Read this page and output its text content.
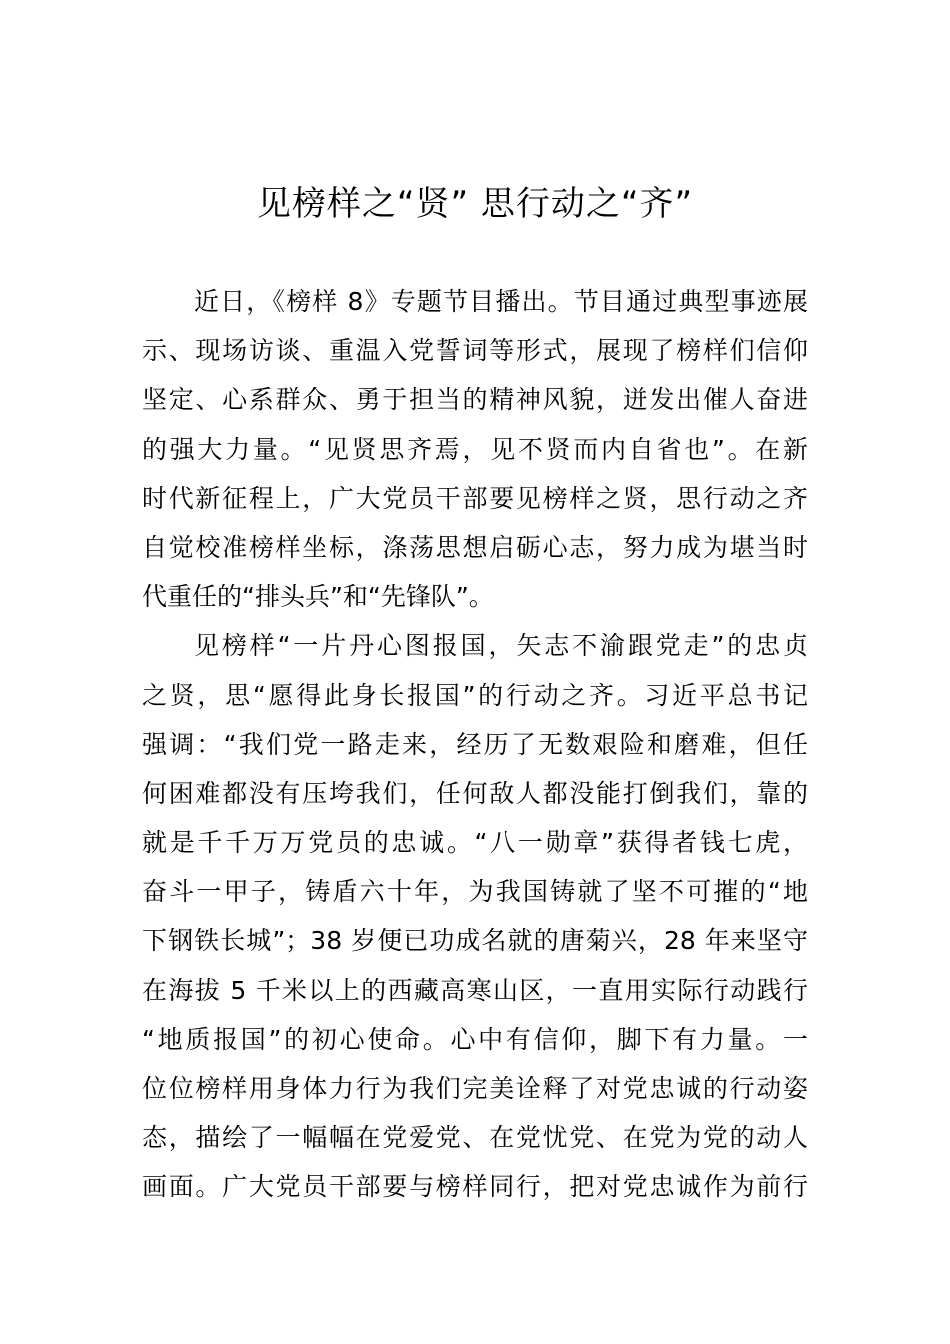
见榜样之“贤” 思行动之“齐”
近日，《榜样 8》专题节目播出。节目通过典型事迹展
示、现场访谈、重温入党誓词等形式，展现了榜样们信仰
坚定、心系群众、勇于担当的精神风貌，迸发出催人奋进
的强大力量。“见贤思齐焉，见不贤而内自省也”。在新
时代新征程上，广大党员干部要见榜样之贤，思行动之齐
自觉校准榜样坐标，涤荡思想启砺心志，努力成为堪当时
代重任的“排头兵”和“先锋队”。
见榜样“一片丹心图报国，矢志不渝跟党走”的忠贞
之贤，思“愿得此身长报国”的行动之齐。习近平总书记
强调：“我们党一路走来，经历了无数艰险和磨难，但任
何困难都没有压垮我们，任何敌人都没能打倒我们，靠的
就是千千万万党员的忠诚。“八一勋章”获得者钱七虎，
奋斗一甲子，铸盾六十年，为我国铸就了坚不可摧的“地
下钢铁长城”；38 岁便已功成名就的唐菊兴，28 年来坚守
在海拔 5 千米以上的西藏高寒山区，一直用实际行动践行
“地质报国”的初心使命。心中有信仰，脚下有力量。一
位位榜样用身体力行为我们完美诠释了对党忠诚的行动姿
态，描绘了一幅幅在党爱党、在党忧党、在党为党的动人
画面。广大党员干部要与榜样同行，把对党忠诚作为前行
